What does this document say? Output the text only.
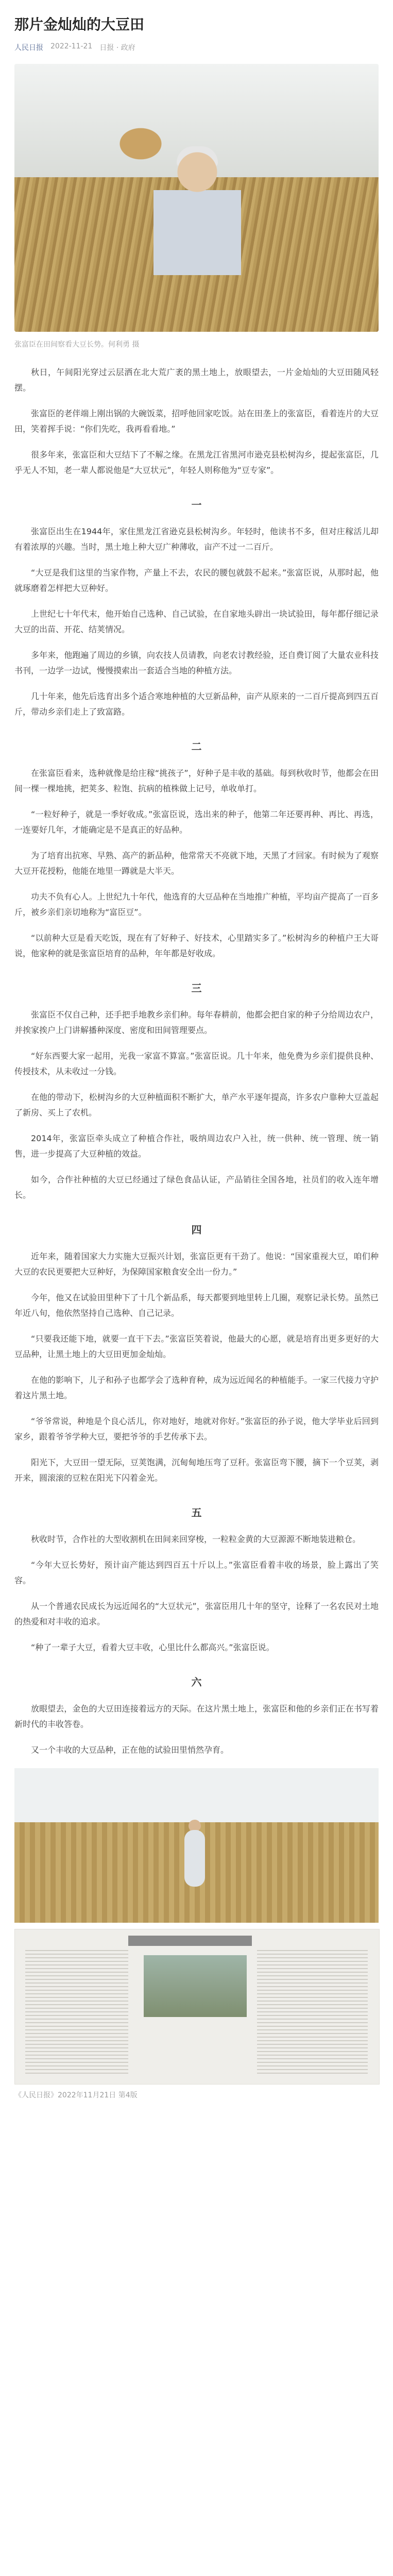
那片金灿灿的大豆田
人民日报 2022-11-21 日报 · 政府
张富臣在田间察看大豆长势。何利勇 摄

秋日，午间阳光穿过云层洒在北大荒广袤的黑土地上，放眼望去，一片金灿灿的大豆田随风轻摆。

张富臣的老伴端上刚出锅的大碗饭菜，招呼他回家吃饭。站在田垄上的张富臣，看着连片的大豆田，笑着挥手说：“你们先吃，我再看看地。”

很多年来，张富臣和大豆结下了不解之缘。在黑龙江省黑河市逊克县松树沟乡，提起张富臣，几乎无人不知，老一辈人都说他是“大豆状元”，年轻人则称他为“豆专家”。

一

张富臣出生在1944年，家住黑龙江省逊克县松树沟乡。年轻时，他读书不多，但对庄稼活儿却有着浓厚的兴趣。当时，黑土地上种大豆广种薄收，亩产不过一二百斤。

“大豆是我们这里的当家作物，产量上不去，农民的腰包就鼓不起来。”张富臣说，从那时起，他就琢磨着怎样把大豆种好。

上世纪七十年代末，他开始自己选种、自己试验，在自家地头辟出一块试验田，每年都仔细记录大豆的出苗、开花、结荚情况。

多年来，他跑遍了周边的乡镇，向农技人员请教，向老农讨教经验，还自费订阅了大量农业科技书刊，一边学一边试，慢慢摸索出一套适合当地的种植方法。

几十年来，他先后选育出多个适合寒地种植的大豆新品种，亩产从原来的一二百斤提高到四五百斤，带动乡亲们走上了致富路。

二

在张富臣看来，选种就像是给庄稼“挑孩子”，好种子是丰收的基础。每到秋收时节，他都会在田间一棵一棵地挑，把荚多、粒饱、抗病的植株做上记号，单收单打。

“一粒好种子，就是一季好收成。”张富臣说，选出来的种子，他第二年还要再种、再比、再选，一连要好几年，才能确定是不是真正的好品种。

为了培育出抗寒、早熟、高产的新品种，他常常天不亮就下地，天黑了才回家。有时候为了观察大豆开花授粉，他能在地里一蹲就是大半天。

功夫不负有心人。上世纪九十年代，他选育的大豆品种在当地推广种植，平均亩产提高了一百多斤，被乡亲们亲切地称为“富臣豆”。

“以前种大豆是看天吃饭，现在有了好种子、好技术，心里踏实多了。”松树沟乡的种植户王大哥说，他家种的就是张富臣培育的品种，年年都是好收成。

三

张富臣不仅自己种，还手把手地教乡亲们种。每年春耕前，他都会把自家的种子分给周边农户，并挨家挨户上门讲解播种深度、密度和田间管理要点。

“好东西要大家一起用，光我一家富不算富。”张富臣说。几十年来，他免费为乡亲们提供良种、传授技术，从未收过一分钱。

在他的带动下，松树沟乡的大豆种植面积不断扩大，单产水平逐年提高，许多农户靠种大豆盖起了新房、买上了农机。

2014年，张富臣牵头成立了种植合作社，吸纳周边农户入社，统一供种、统一管理、统一销售，进一步提高了大豆种植的效益。

如今，合作社种植的大豆已经通过了绿色食品认证，产品销往全国各地，社员们的收入连年增长。

四

近年来，随着国家大力实施大豆振兴计划，张富臣更有干劲了。他说：“国家重视大豆，咱们种大豆的农民更要把大豆种好，为保障国家粮食安全出一份力。”

今年，他又在试验田里种下了十几个新品系，每天都要到地里转上几圈，观察记录长势。虽然已年近八旬，他依然坚持自己选种、自己记录。

“只要我还能下地，就要一直干下去。”张富臣笑着说，他最大的心愿，就是培育出更多更好的大豆品种，让黑土地上的大豆田更加金灿灿。

在他的影响下，儿子和孙子也都学会了选种育种，成为远近闻名的种植能手。一家三代接力守护着这片黑土地。

“爷爷常说，种地是个良心活儿，你对地好，地就对你好。”张富臣的孙子说，他大学毕业后回到家乡，跟着爷爷学种大豆，要把爷爷的手艺传承下去。

阳光下，大豆田一望无际，豆荚饱满，沉甸甸地压弯了豆秆。张富臣弯下腰，摘下一个豆荚，剥开来，圆滚滚的豆粒在阳光下闪着金光。

五

秋收时节，合作社的大型收割机在田间来回穿梭，一粒粒金黄的大豆源源不断地装进粮仓。

“今年大豆长势好，预计亩产能达到四百五十斤以上。”张富臣看着丰收的场景，脸上露出了笑容。

从一个普通农民成长为远近闻名的“大豆状元”，张富臣用几十年的坚守，诠释了一名农民对土地的热爱和对丰收的追求。

“种了一辈子大豆，看着大豆丰收，心里比什么都高兴。”张富臣说。

六

放眼望去，金色的大豆田连接着远方的天际。在这片黑土地上，张富臣和他的乡亲们正在书写着新时代的丰收答卷。

又一个丰收的大豆品种，正在他的试验田里悄然孕育。

《人民日报》2022年11月21日 第4版
